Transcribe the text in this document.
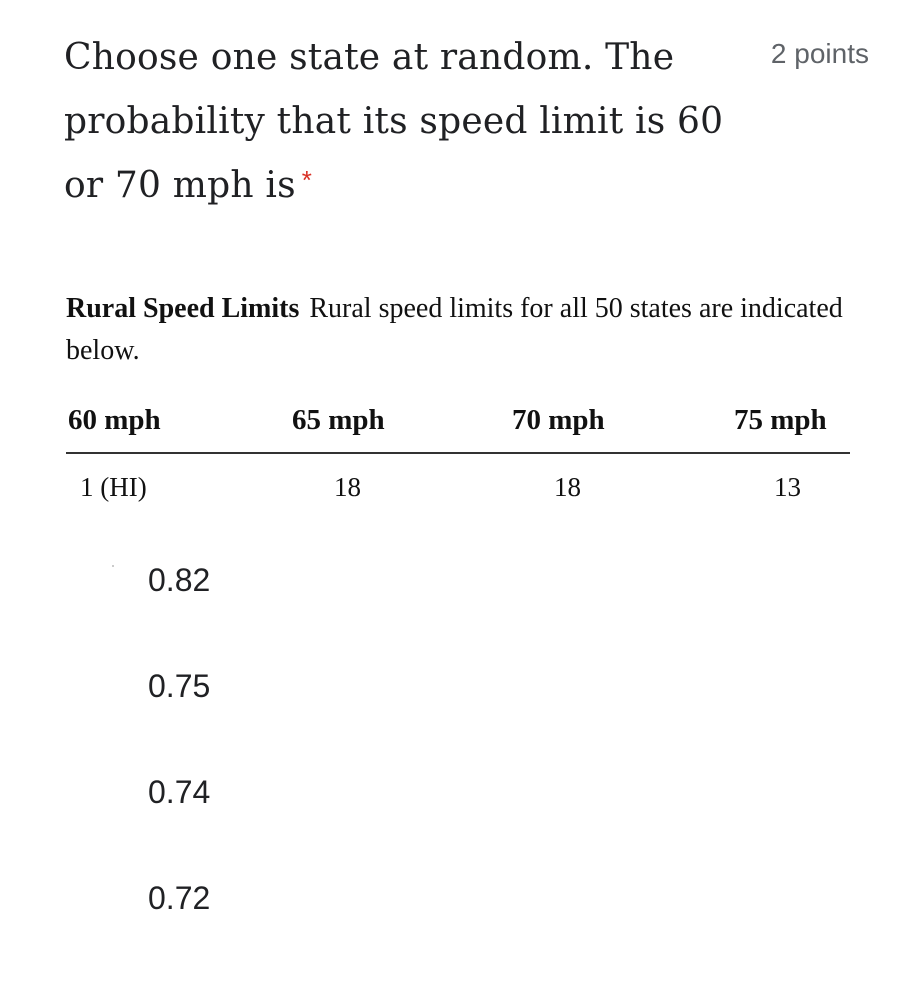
Choose one state at random. The probability that its speed limit is 60 or 70 mph is *
2 points
Rural Speed Limits Rural speed limits for all 50 states are indicated below.
60 mph	65 mph	70 mph	75 mph
1 (HI)	18	18	13
0.82
0.75
0.74
0.72
